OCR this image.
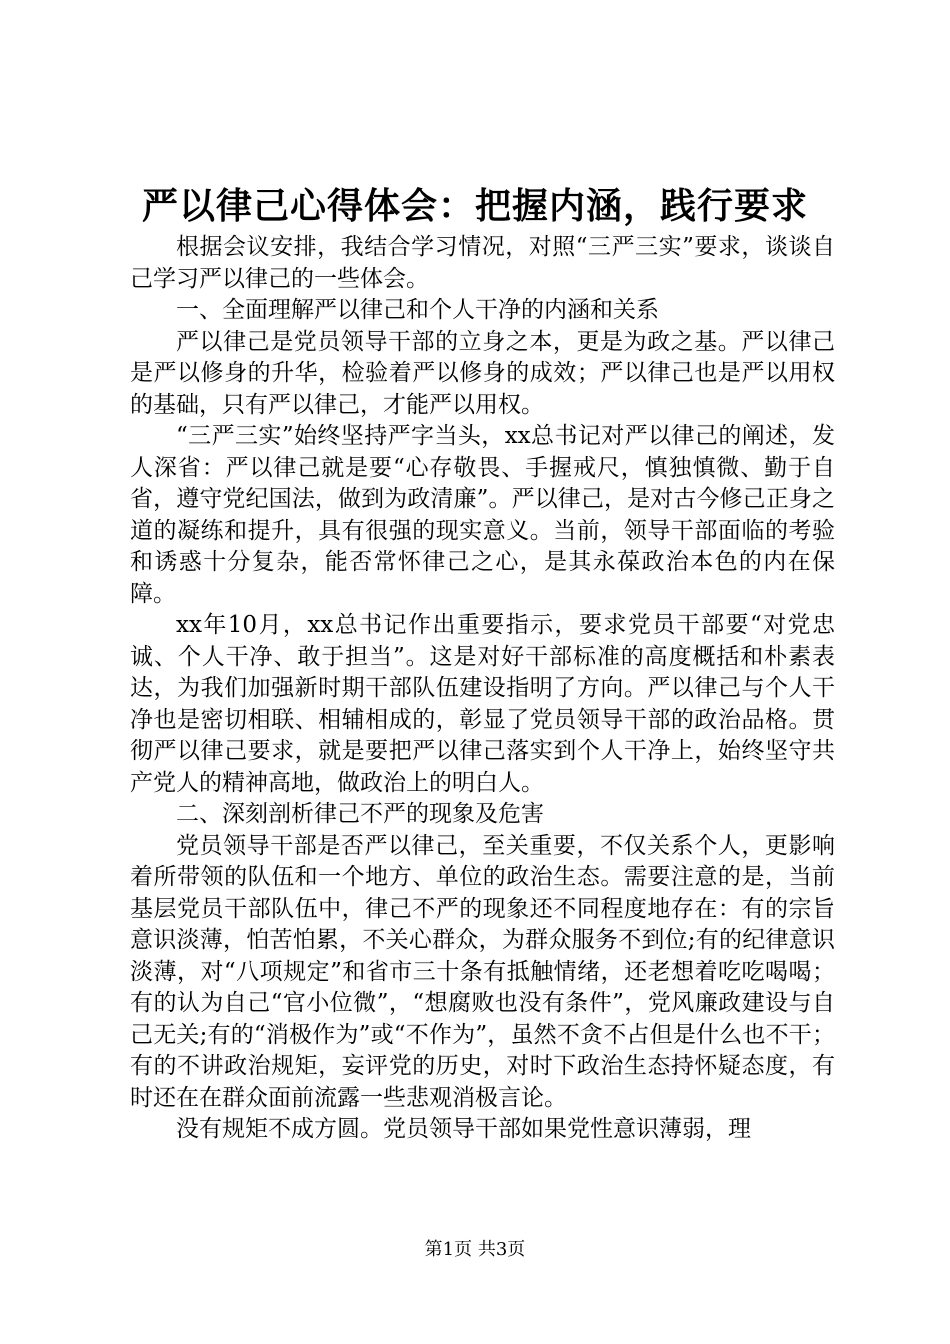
严以律己心得体会：把握内涵，践行要求

根据会议安排，我结合学习情况，对照“三严三实”要求，谈谈自己学习严以律己的一些体会。

一、全面理解严以律己和个人干净的内涵和关系

严以律己是党员领导干部的立身之本，更是为政之基。严以律己是严以修身的升华，检验着严以修身的成效；严以律己也是严以用权的基础，只有严以律己，才能严以用权。

“三严三实”始终坚持严字当头，xx总书记对严以律己的阐述，发人深省：严以律己就是要“心存敬畏、手握戒尺，慎独慎微、勤于自省，遵守党纪国法，做到为政清廉”。严以律己，是对古今修己正身之道的凝练和提升，具有很强的现实意义。当前，领导干部面临的考验和诱惑十分复杂，能否常怀律己之心，是其永葆政治本色的内在保障。

xx年10月，xx总书记作出重要指示，要求党员干部要“对党忠诚、个人干净、敢于担当”。这是对好干部标准的高度概括和朴素表达，为我们加强新时期干部队伍建设指明了方向。严以律己与个人干净也是密切相联、相辅相成的，彰显了党员领导干部的政治品格。贯彻严以律己要求，就是要把严以律己落实到个人干净上，始终坚守共产党人的精神高地，做政治上的明白人。

二、深刻剖析律己不严的现象及危害

党员领导干部是否严以律己，至关重要，不仅关系个人，更影响着所带领的队伍和一个地方、单位的政治生态。需要注意的是，当前基层党员干部队伍中，律己不严的现象还不同程度地存在：有的宗旨意识淡薄，怕苦怕累，不关心群众，为群众服务不到位;有的纪律意识淡薄，对“八项规定”和省市三十条有抵触情绪，还老想着吃吃喝喝；有的认为自己“官小位微”，“想腐败也没有条件”，党风廉政建设与自己无关;有的“消极作为”或“不作为”，虽然不贪不占但是什么也不干；有的不讲政治规矩，妄评党的历史，对时下政治生态持怀疑态度，有时还在在群众面前流露一些悲观消极言论。

没有规矩不成方圆。党员领导干部如果党性意识薄弱，理

第1页 共3页
